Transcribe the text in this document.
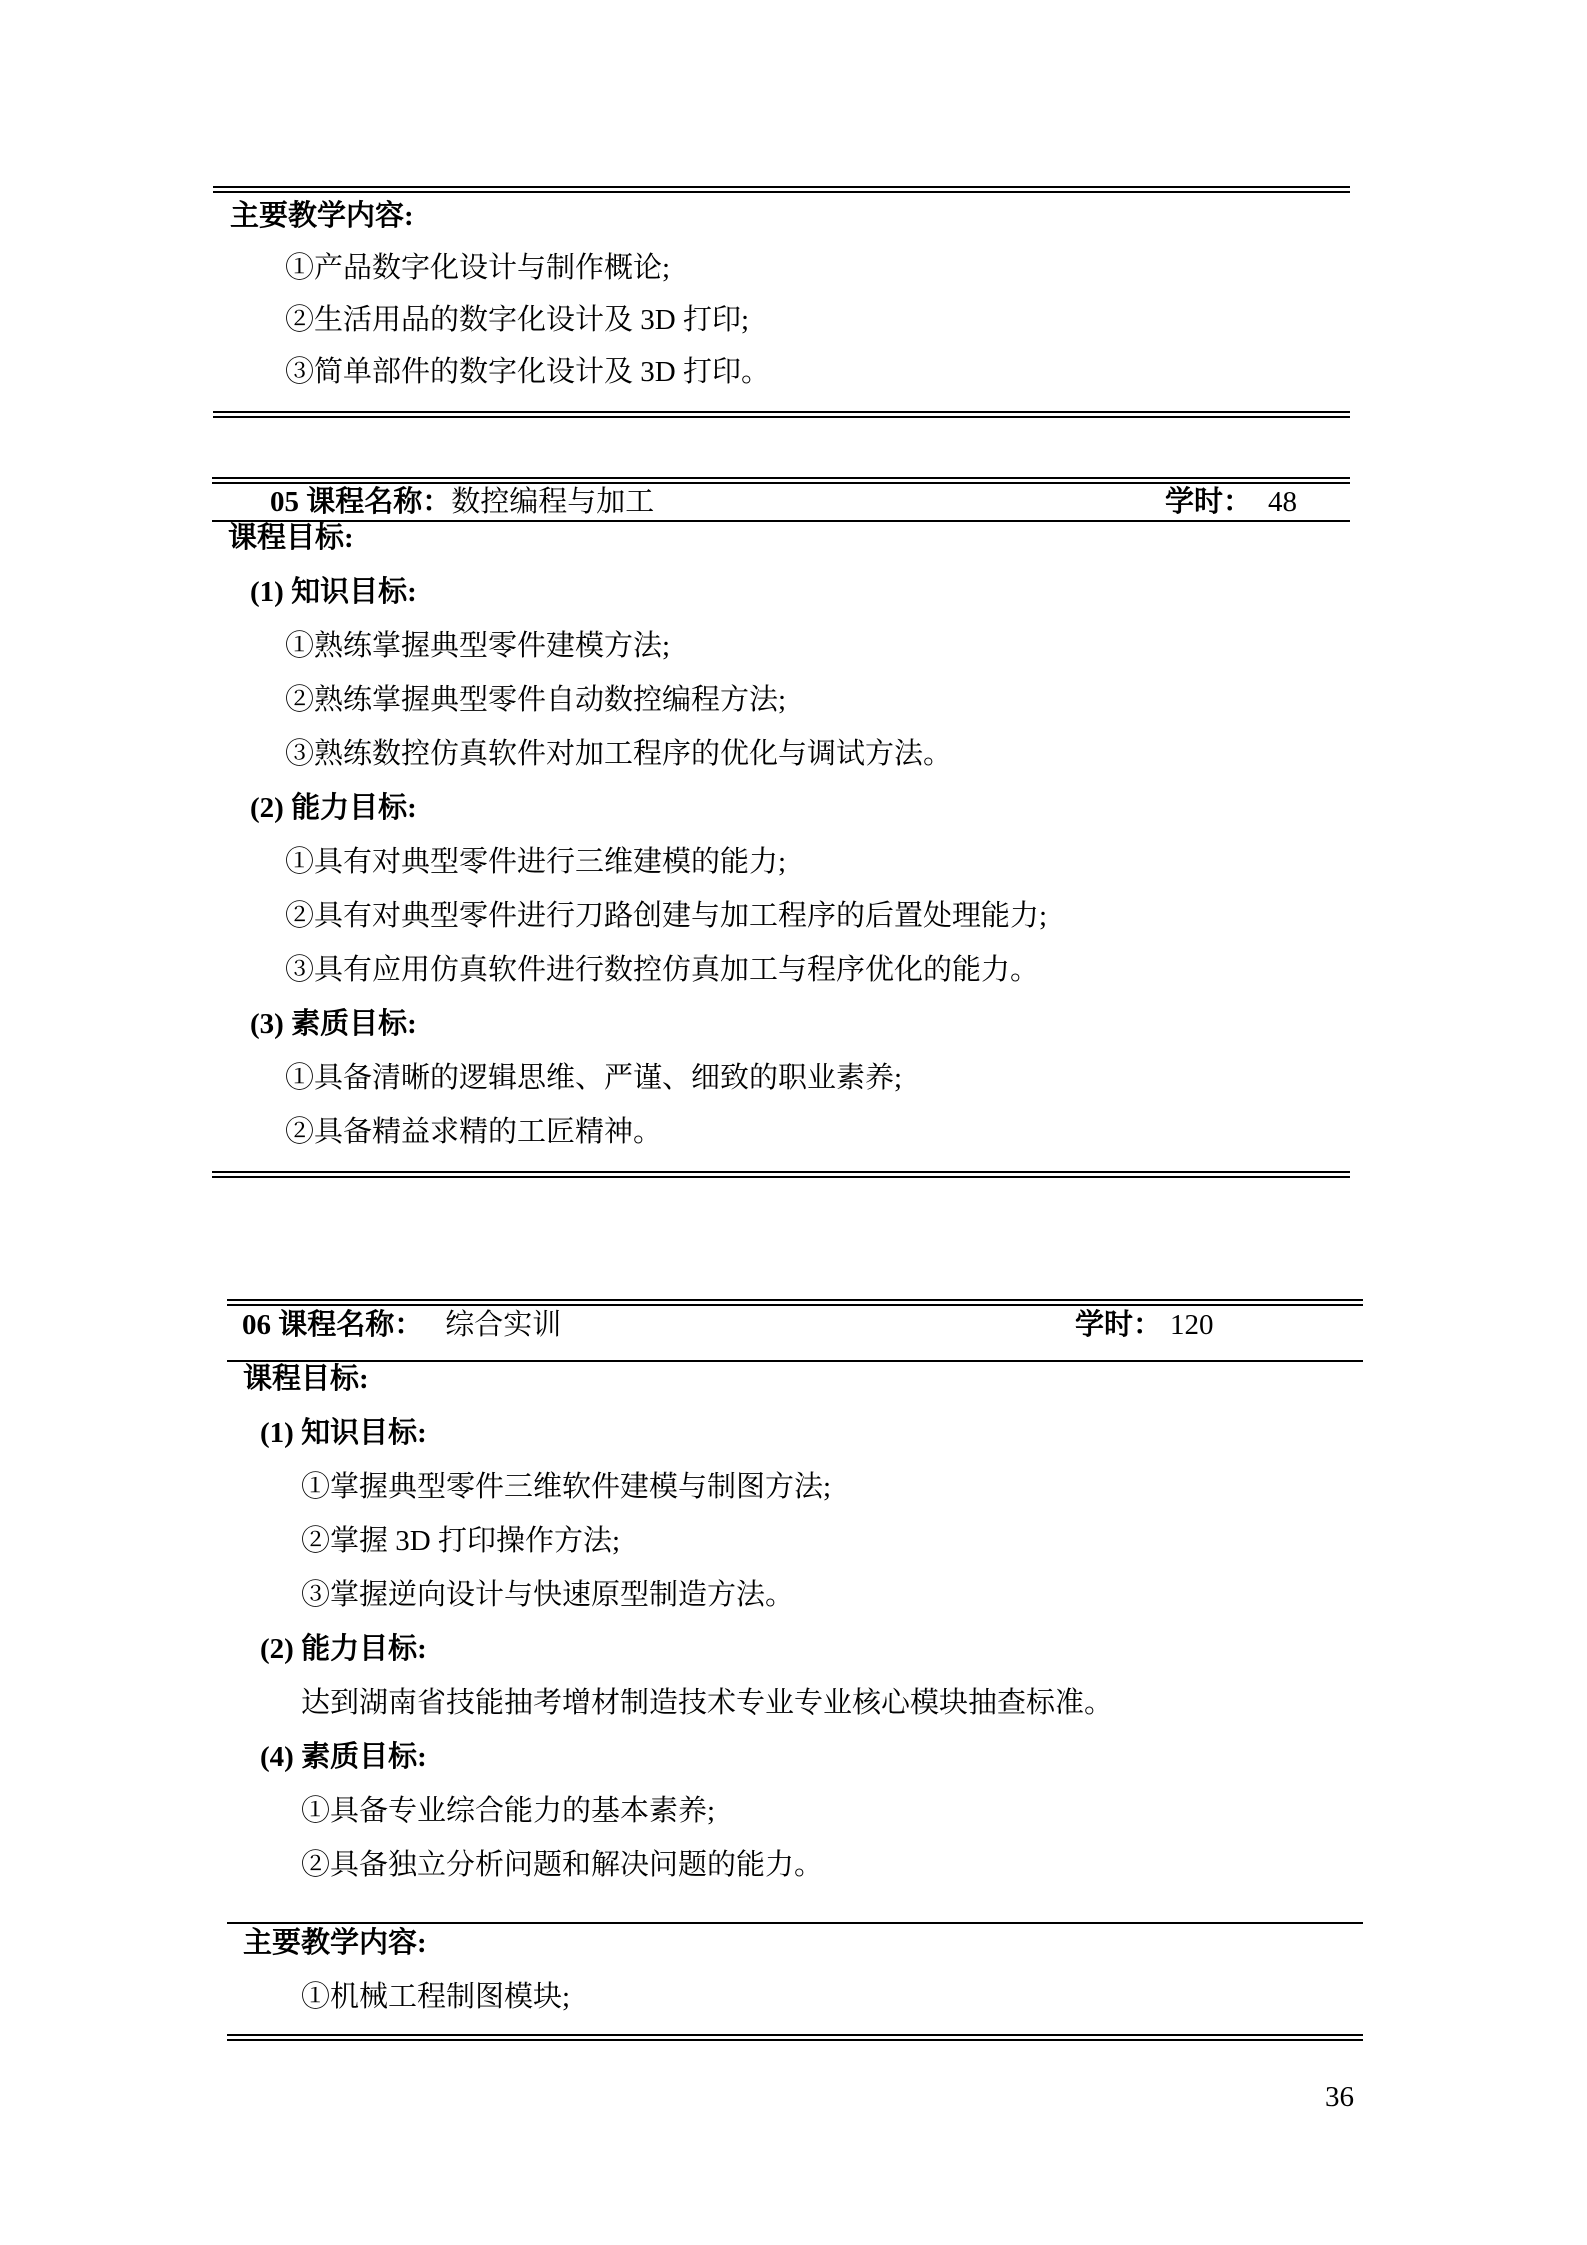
主要教学内容:

①产品数字化设计与制作概论;

②生活用品的数字化设计及 3D 打印;

③简单部件的数字化设计及 3D 打印。

05 课程名称：数控编程与加工	学时： 48

课程目标:

(1) 知识目标:

①熟练掌握典型零件建模方法;

②熟练掌握典型零件自动数控编程方法;

③熟练数控仿真软件对加工程序的优化与调试方法。

(2) 能力目标:

①具有对典型零件进行三维建模的能力;

②具有对典型零件进行刀路创建与加工程序的后置处理能力;

③具有应用仿真软件进行数控仿真加工与程序优化的能力。

(3) 素质目标:

①具备清晰的逻辑思维、严谨、细致的职业素养;

②具备精益求精的工匠精神。

06 课程名称： 综合实训	学时： 120

课程目标:

(1) 知识目标:

①掌握典型零件三维软件建模与制图方法;

②掌握 3D 打印操作方法;

③掌握逆向设计与快速原型制造方法。

(2) 能力目标:

达到湖南省技能抽考增材制造技术专业专业核心模块抽查标准。

(4) 素质目标:

①具备专业综合能力的基本素养;

②具备独立分析问题和解决问题的能力。

主要教学内容:

①机械工程制图模块;

36
